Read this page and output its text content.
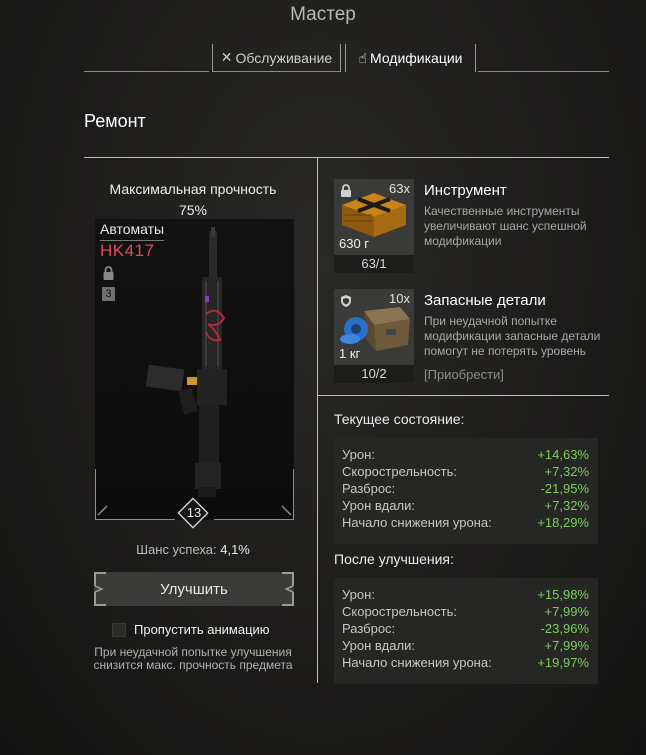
Мастер
✕ Обслуживание ☝ Модификации
Ремонт
Максимальная прочность
75%
Автоматы
HK417
3
13
Шанс успеха: 4,1%
Улучшить
Пропустить анимацию
При неудачной попытке улучшения снизится макс. прочность предмета
63x
630 г
63/1
Инструмент
Качественные инструменты увеличивают шанс успешной модификации
10x
1 кг
10/2
Запасные детали
При неудачной попытке модификации запасные детали помогут не потерять уровень
[Приобрести]
Текущее состояние:
Урон:	+14,63%
Скорострельность:	+7,32%
Разброс:	-21,95%
Урон вдали:	+7,32%
Начало снижения урона:	+18,29%
После улучшения:
Урон:	+15,98%
Скорострельность:	+7,99%
Разброс:	-23,96%
Урон вдали:	+7,99%
Начало снижения урона:	+19,97%
